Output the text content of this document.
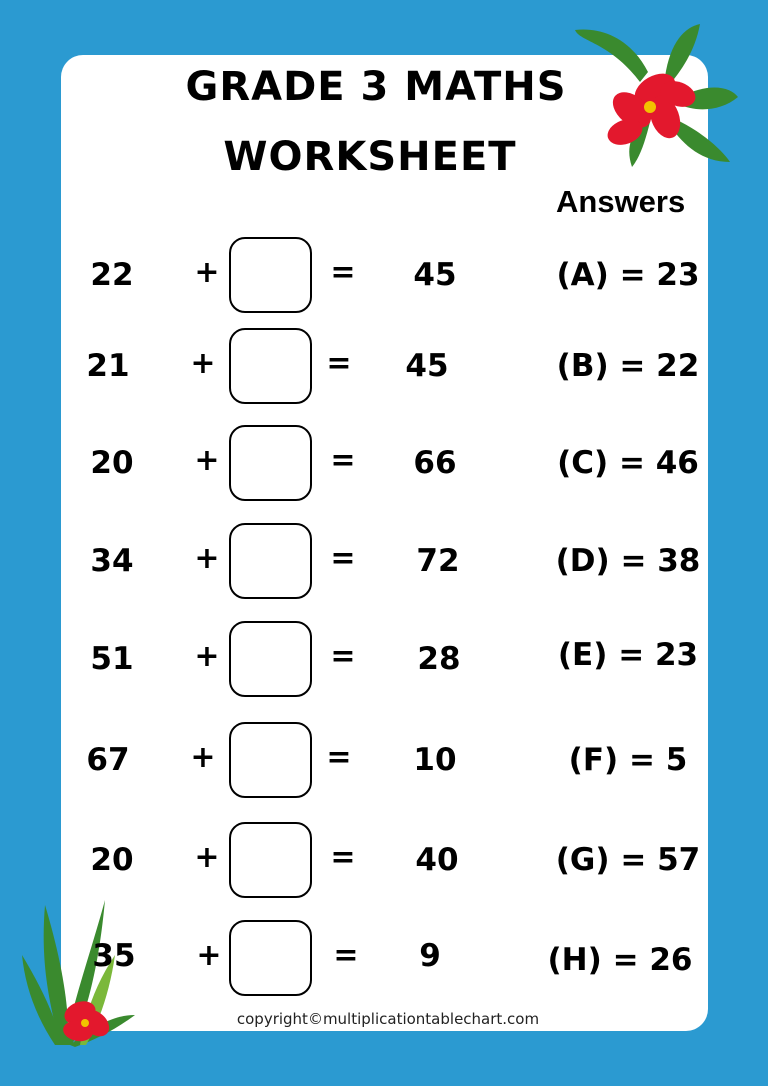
GRADE 3 MATHS
WORKSHEET
Answers
22	+	=	45	(A) = 23
21	+	=	45	(B) = 22
20	+	=	66	(C) = 46
34	+	=	72	(D) = 38
51	+	=	28	(E) = 23
67	+	=	10	(F) = 5
20	+	=	40	(G) = 57
35	+	=	9	(H) = 26
copyright©multiplicationtablechart.com
